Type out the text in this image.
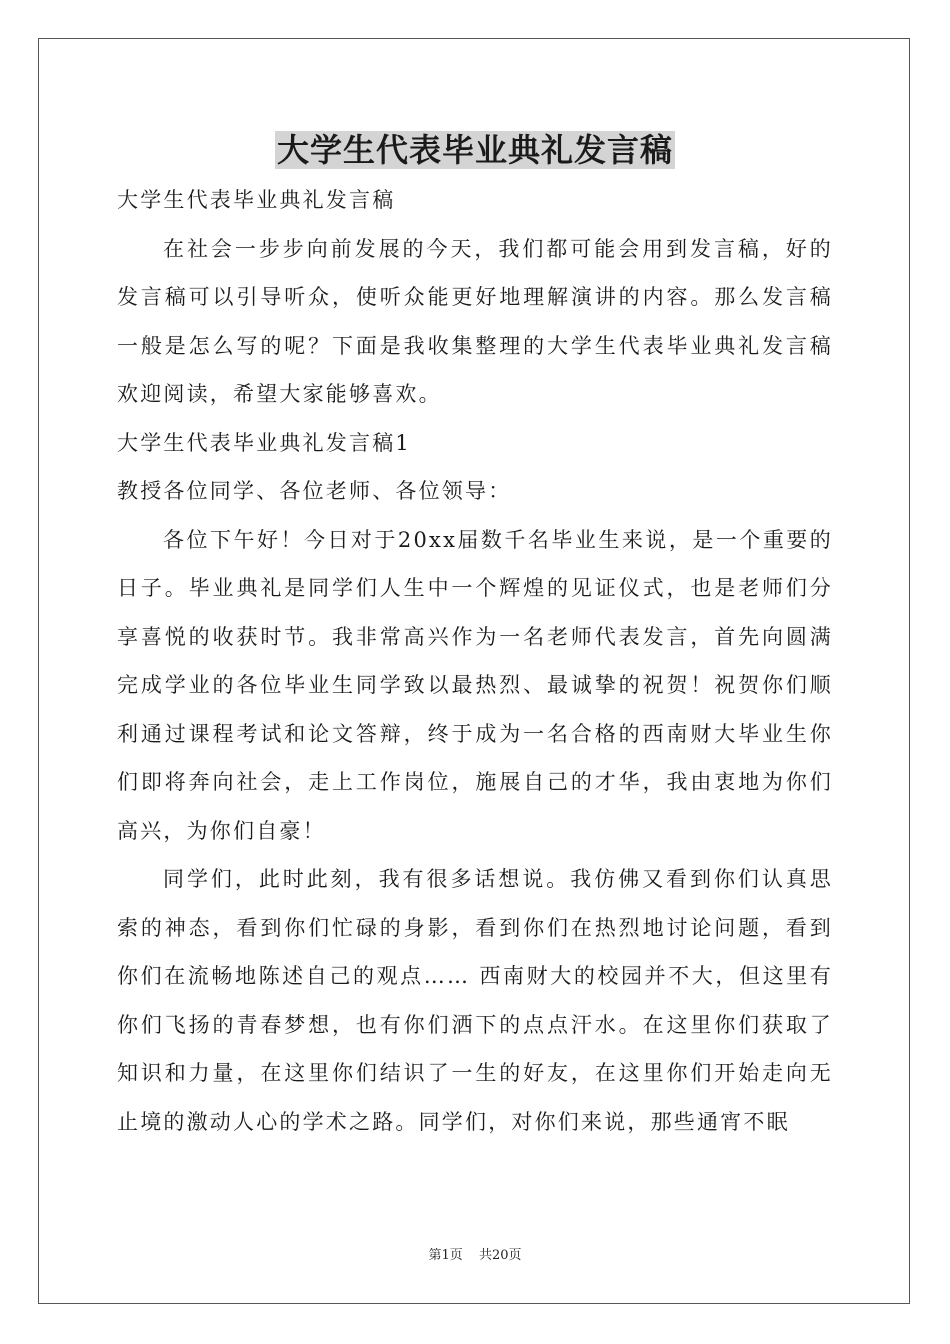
大学生代表毕业典礼发言稿

大学生代表毕业典礼发言稿

在社会一步步向前发展的今天，我们都可能会用到发言稿，好的发言稿可以引导听众，使听众能更好地理解演讲的内容。那么发言稿一般是怎么写的呢？下面是我收集整理的大学生代表毕业典礼发言稿欢迎阅读，希望大家能够喜欢。

大学生代表毕业典礼发言稿1

教授各位同学、各位老师、各位领导：

各位下午好！今日对于20xx届数千名毕业生来说，是一个重要的日子。毕业典礼是同学们人生中一个辉煌的见证仪式，也是老师们分享喜悦的收获时节。我非常高兴作为一名老师代表发言，首先向圆满完成学业的各位毕业生同学致以最热烈、最诚挚的祝贺！祝贺你们顺利通过课程考试和论文答辩，终于成为一名合格的西南财大毕业生你们即将奔向社会，走上工作岗位，施展自己的才华，我由衷地为你们高兴，为你们自豪！

同学们，此时此刻，我有很多话想说。我仿佛又看到你们认真思索的神态，看到你们忙碌的身影，看到你们在热烈地讨论问题，看到你们在流畅地陈述自己的观点…… 西南财大的校园并不大，但这里有你们飞扬的青春梦想，也有你们洒下的点点汗水。在这里你们获取了知识和力量，在这里你们结识了一生的好友，在这里你们开始走向无止境的激动人心的学术之路。同学们，对你们来说，那些通宵不眠

第1页 共20页
